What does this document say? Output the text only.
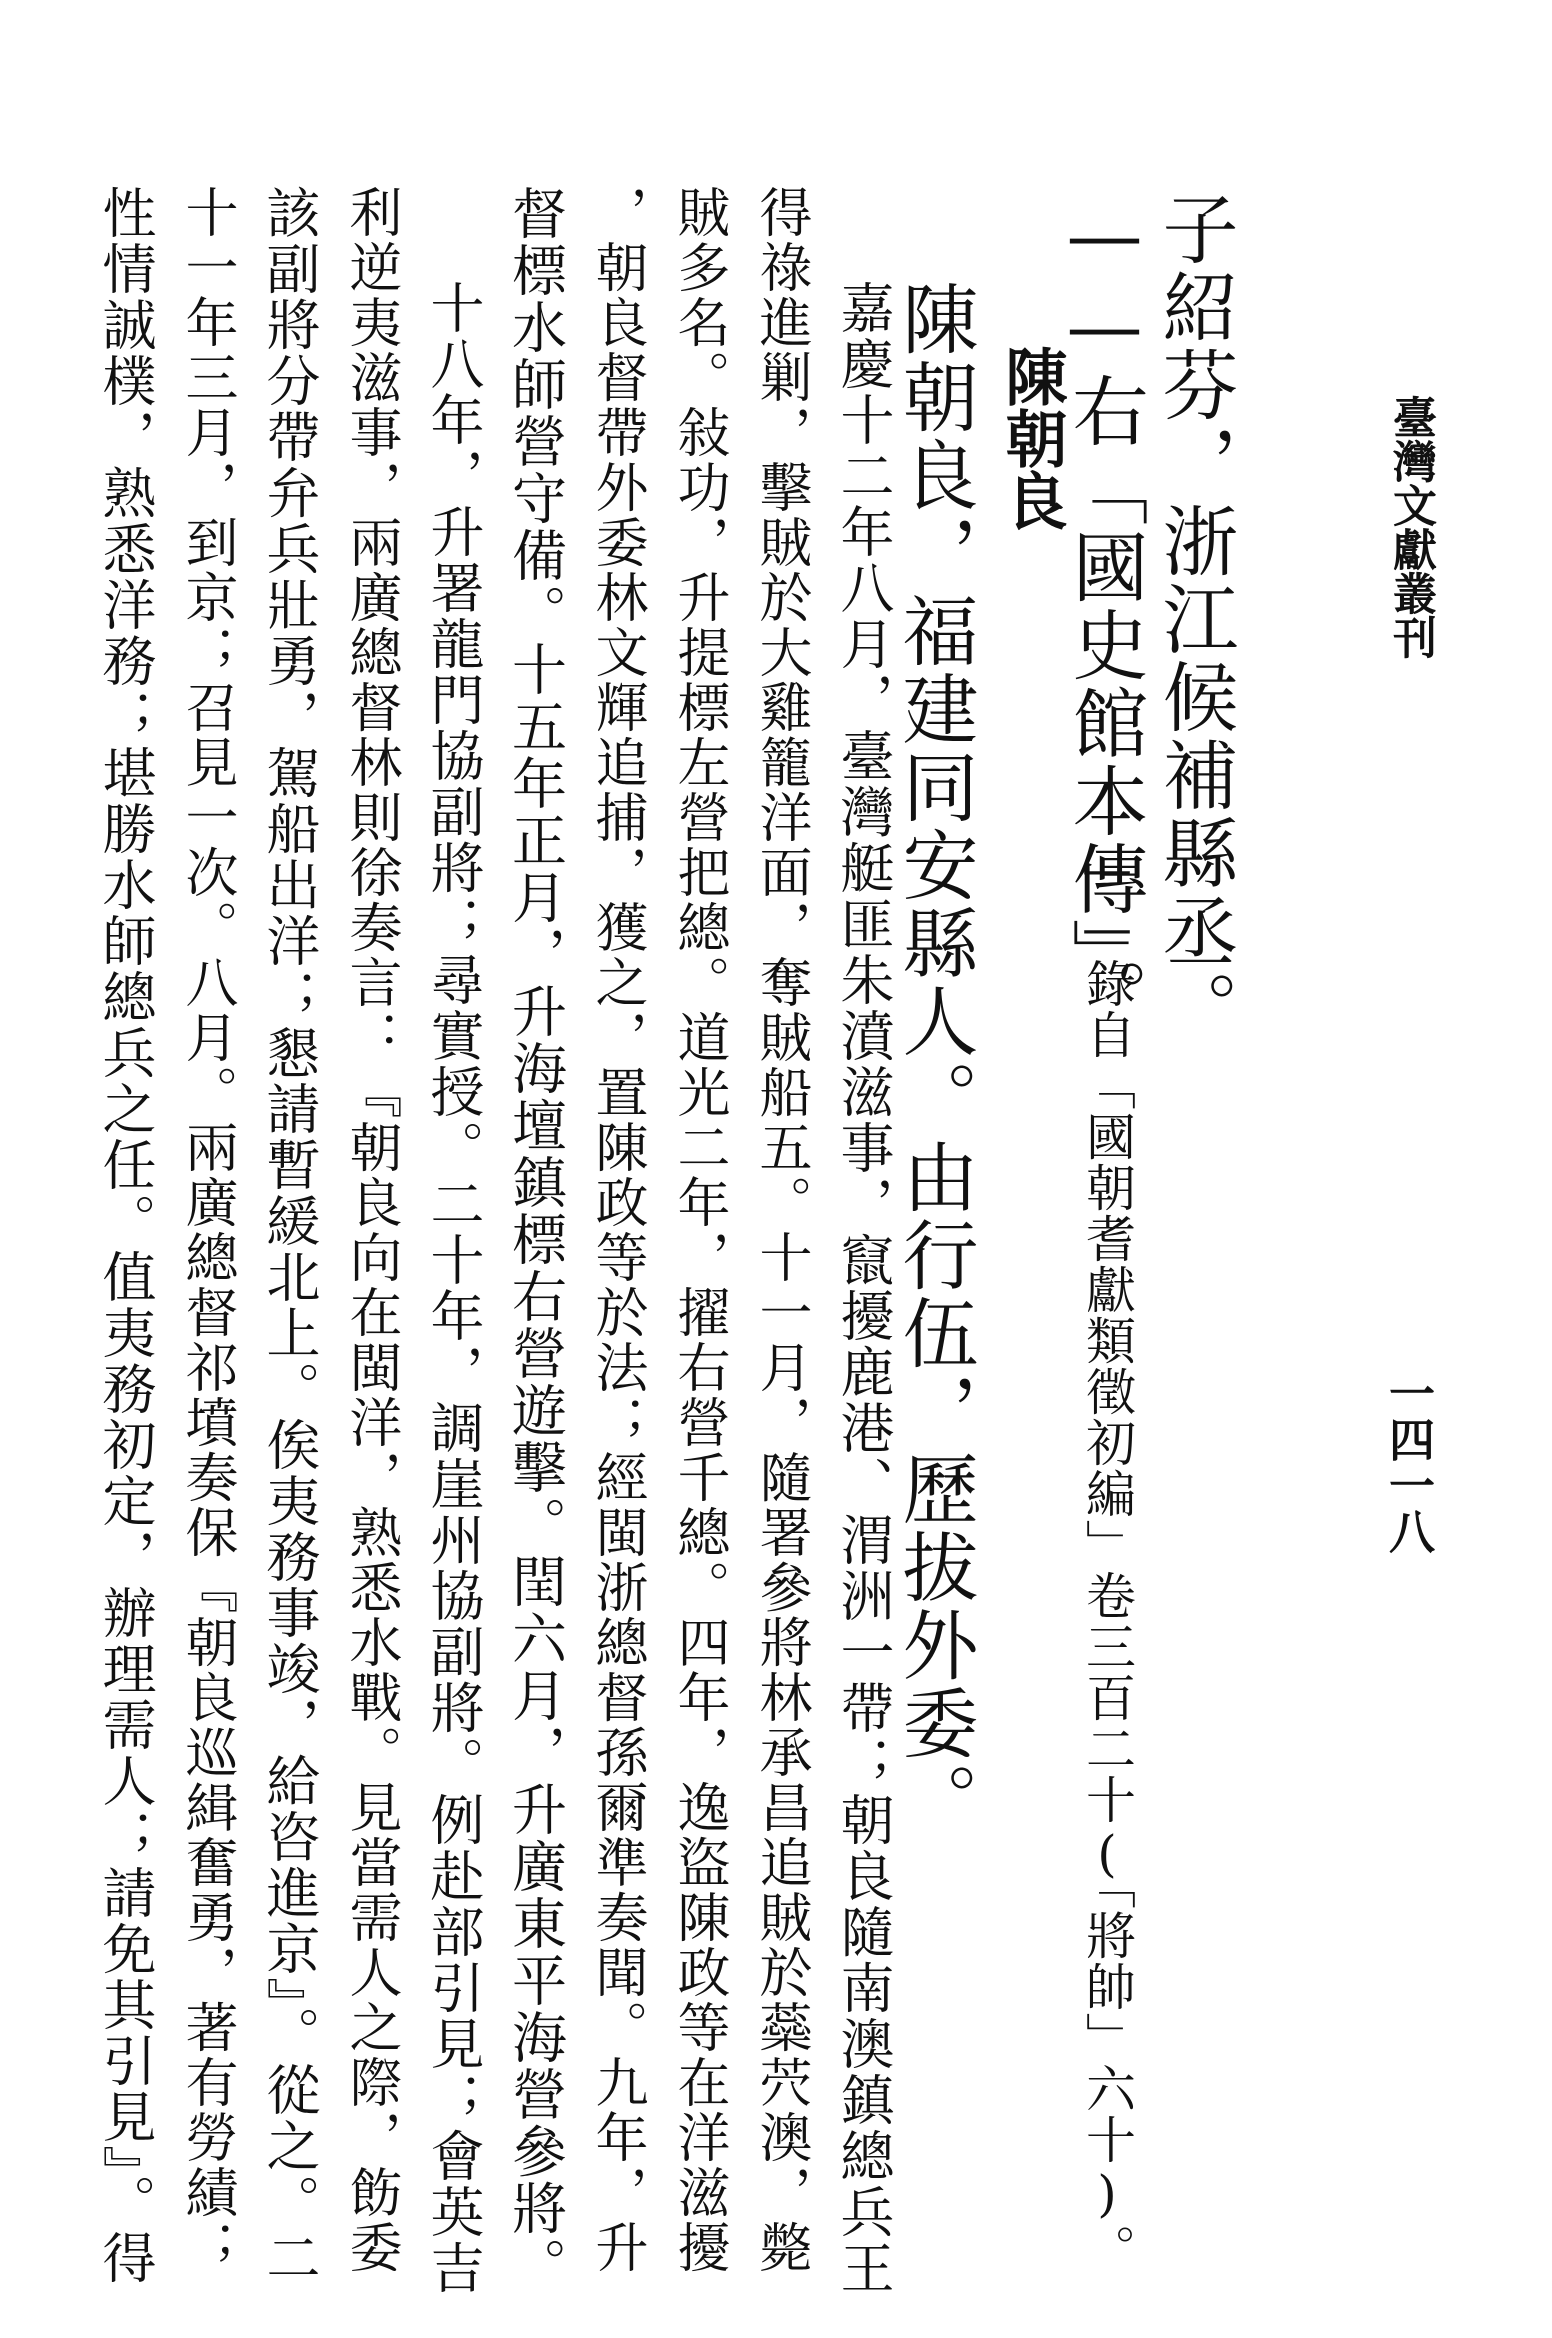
臺灣文獻叢刊
一四一八
子紹芬，浙江候補縣丞。
——右「國史館本傳」。
陳朝良
——錄自「國朝耆獻類徵初編」卷三百二十(「將帥」六十)。
陳朝良，福建同安縣人。由行伍，歷拔外委。
嘉慶十二年八月，臺灣艇匪朱濆滋事，竄擾鹿港、渭洲一帶；朝良隨南澳鎮總兵王
得祿進剿，擊賊於大雞籠洋面，奪賊船五。十一月，隨署參將林承昌追賊於蘂茓澳，斃
賊多名。敍功，升提標左營把總。道光二年，擢右營千總。四年，逸盜陳政等在洋滋擾
，朝良督帶外委林文輝追捕，獲之，置陳政等於法；經閩浙總督孫爾準奏聞。九年，升
督標水師營守備。十五年正月，升海壇鎮標右營遊擊。閏六月，升廣東平海營參將。
十八年，升署龍門協副將；尋實授。二十年，調崖州協副將。例赴部引見；會英吉
利逆夷滋事，兩廣總督林則徐奏言：『朝良向在閩洋，熟悉水戰。見當需人之際，飭委
該副將分帶弁兵壯勇，駕船出洋；懇請暫緩北上。俟夷務事竣，給咨進京』。從之。二
十一年三月，到京；召見一次。八月。兩廣總督祁墳奏保『朝良巡緝奮勇，著有勞績；
性情誠樸，熟悉洋務；堪勝水師總兵之任。值夷務初定，辦理需人；請免其引見』。得
